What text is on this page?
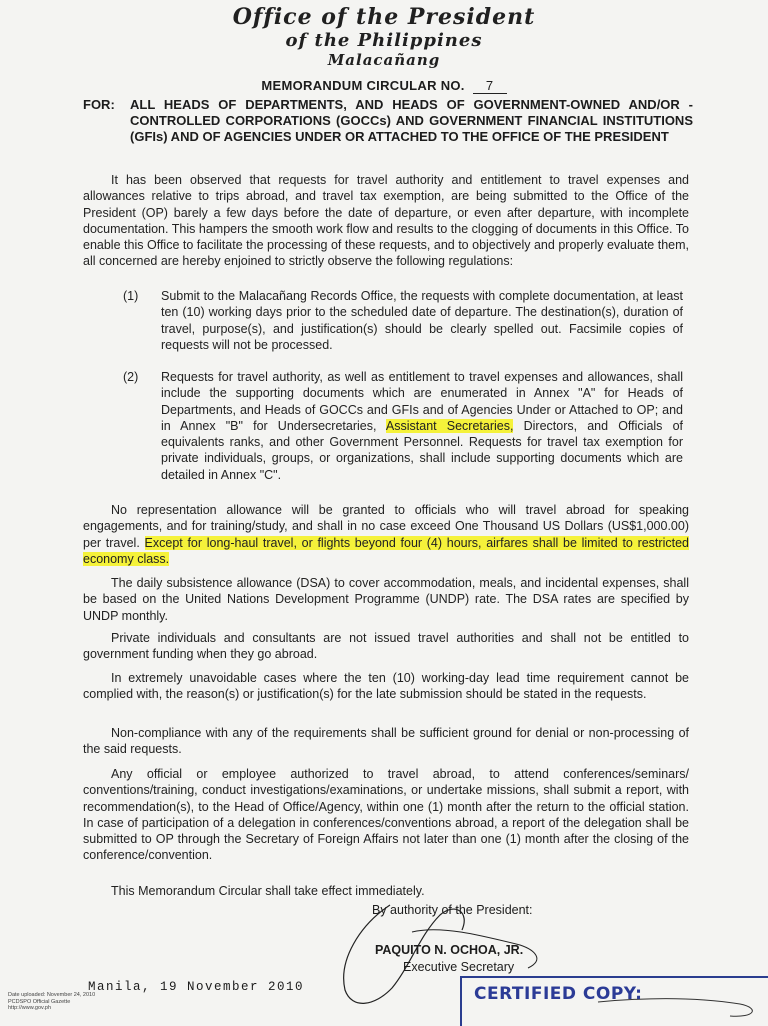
Office of the President
of the Philippines
Malacañang
MEMORANDUM CIRCULAR NO. 7
FOR: ALL HEADS OF DEPARTMENTS, AND HEADS OF GOVERNMENT-OWNED AND/OR -CONTROLLED CORPORATIONS (GOCCs) AND GOVERNMENT FINANCIAL INSTITUTIONS (GFIs) AND OF AGENCIES UNDER OR ATTACHED TO THE OFFICE OF THE PRESIDENT
It has been observed that requests for travel authority and entitlement to travel expenses and allowances relative to trips abroad, and travel tax exemption, are being submitted to the Office of the President (OP) barely a few days before the date of departure, or even after departure, with incomplete documentation. This hampers the smooth work flow and results to the clogging of documents in this Office. To enable this Office to facilitate the processing of these requests, and to objectively and properly evaluate them, all concerned are hereby enjoined to strictly observe the following regulations:
(1) Submit to the Malacañang Records Office, the requests with complete documentation, at least ten (10) working days prior to the scheduled date of departure. The destination(s), duration of travel, purpose(s), and justification(s) should be clearly spelled out. Facsimile copies of requests will not be processed.
(2) Requests for travel authority, as well as entitlement to travel expenses and allowances, shall include the supporting documents which are enumerated in Annex "A" for Heads of Departments, and Heads of GOCCs and GFIs and of Agencies Under or Attached to OP; and in Annex "B" for Undersecretaries, Assistant Secretaries, Directors, and Officials of equivalents ranks, and other Government Personnel. Requests for travel tax exemption for private individuals, groups, or organizations, shall include supporting documents which are detailed in Annex "C".
No representation allowance will be granted to officials who will travel abroad for speaking engagements, and for training/study, and shall in no case exceed One Thousand US Dollars (US$1,000.00) per travel. Except for long-haul travel, or flights beyond four (4) hours, airfares shall be limited to restricted economy class.
The daily subsistence allowance (DSA) to cover accommodation, meals, and incidental expenses, shall be based on the United Nations Development Programme (UNDP) rate. The DSA rates are specified by UNDP monthly.
Private individuals and consultants are not issued travel authorities and shall not be entitled to government funding when they go abroad.
In extremely unavoidable cases where the ten (10) working-day lead time requirement cannot be complied with, the reason(s) or justification(s) for the late submission should be stated in the requests.
Non-compliance with any of the requirements shall be sufficient ground for denial or non-processing of the said requests.
Any official or employee authorized to travel abroad, to attend conferences/seminars/ conventions/training, conduct investigations/examinations, or undertake missions, shall submit a report, with recommendation(s), to the Head of Office/Agency, within one (1) month after the return to the official station. In case of participation of a delegation in conferences/conventions abroad, a report of the delegation shall be submitted to OP through the Secretary of Foreign Affairs not later than one (1) month after the closing of the conference/convention.
This Memorandum Circular shall take effect immediately.
By authority of the President:
PAQUITO N. OCHOA, JR.
Executive Secretary
Manila, 19 November 2010	CERTIFIED COPY:
Date uploaded: November 24, 2010
PCDSPO Official Gazette
http://www.gov.ph
